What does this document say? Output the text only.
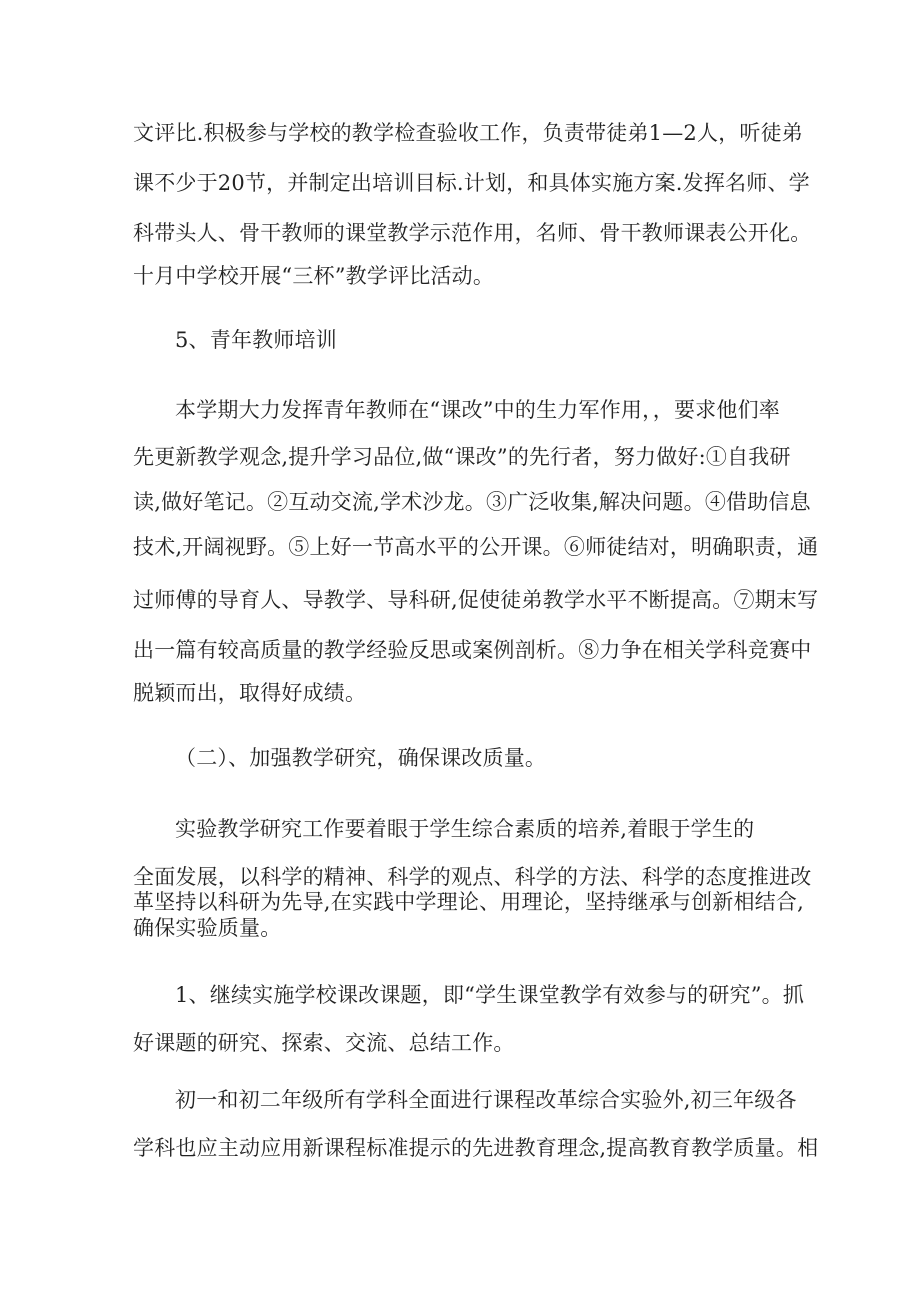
文评比.积极参与学校的教学检查验收工作，负责带徒弟1—2人，听徒弟
课不少于20节，并制定出培训目标.计划，和具体实施方案.发挥名师、学
科带头人、骨干教师的课堂教学示范作用，名师、骨干教师课表公开化。
十月中学校开展“三杯”教学评比活动。
5、青年教师培训
本学期大力发挥青年教师在“课改”中的生力军作用，，要求他们率
先更新教学观念,提升学习品位,做“课改”的先行者，努力做好:①自我研
读,做好笔记。②互动交流,学术沙龙。③广泛收集,解决问题。④借助信息
技术,开阔视野。⑤上好一节高水平的公开课。⑥师徒结对，明确职责，通
过师傅的导育人、导教学、导科研,促使徒弟教学水平不断提高。⑦期末写
出一篇有较高质量的教学经验反思或案例剖析。⑧力争在相关学科竞赛中
脱颖而出，取得好成绩。
（二）、加强教学研究，确保课改质量。
实验教学研究工作要着眼于学生综合素质的培养,着眼于学生的
全面发展，以科学的精神、科学的观点、科学的方法、科学的态度推进改
革坚持以科研为先导,在实践中学理论、用理论，坚持继承与创新相结合,
确保实验质量。
1、继续实施学校课改课题，即“学生课堂教学有效参与的研究”。抓
好课题的研究、探索、交流、总结工作。
初一和初二年级所有学科全面进行课程改革综合实验外,初三年级各
学科也应主动应用新课程标准提示的先进教育理念,提高教育教学质量。相
